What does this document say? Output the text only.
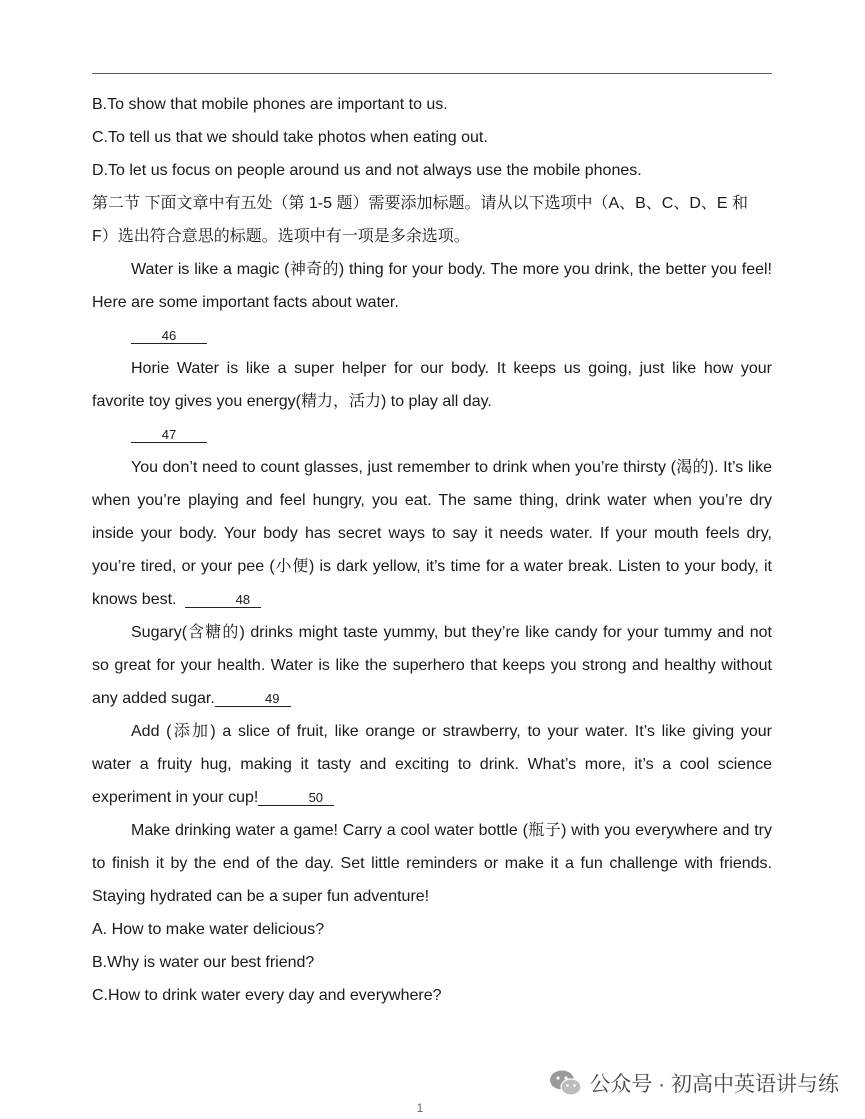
B.To show that mobile phones are important to us.
C.To tell us that we should take photos when eating out.
D.To let us focus on people around us and not always use the mobile phones.
第二节 下面文章中有五处（第 1-5 题）需要添加标题。请从以下选项中（A、B、C、D、E 和
F）选出符合意思的标题。选项中有一项是多余选项。
Water is like a magic (神奇的) thing for your body. The more you drink, the better you feel! Here are some important facts about water.
46
Horie Water is like a super helper for our body. It keeps us going, just like how your favorite toy gives you energy(精力，活力) to play all day.
47
You don’t need to count glasses, just remember to drink when you’re thirsty (渴的). It’s like when you’re playing and feel hungry, you eat. The same thing, drink water when you’re dry inside your body. Your body has secret ways to say it needs water. If your mouth feels dry, you’re tired, or your pee (小便) is dark yellow, it’s time for a water break. Listen to your body, it knows best.	48
Sugary(含糖的) drinks might taste yummy, but they’re like candy for your tummy and not so great for your health. Water is like the superhero that keeps you strong and healthy without any added sugar.	49
Add (添加) a slice of fruit, like orange or strawberry, to your water. It’s like giving your water a fruity hug, making it tasty and exciting to drink. What’s more, it’s a cool science experiment in your cup!	50
Make drinking water a game! Carry a cool water bottle (瓶子) with you everywhere and try to finish it by the end of the day. Set little reminders or make it a fun challenge with friends. Staying hydrated can be a super fun adventure!
A. How to make water delicious?
B.Why is water our best friend?
C.How to drink water every day and everywhere?
公众号 · 初高中英语讲与练
1
